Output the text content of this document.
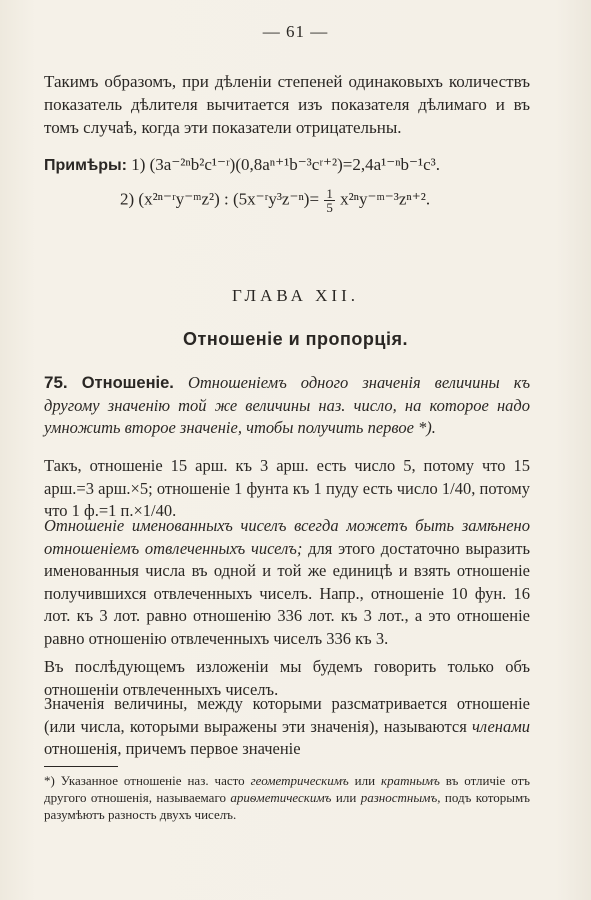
— 61 —
Такимъ образомъ, при дѣленіи степеней одинаковыхъ количествъ показатель дѣлителя вычитается изъ показателя дѣлимаго и въ томъ случаѣ, когда эти показатели отрицательны.
Примѣры: 1) (3a⁻²ⁿb²c¹⁻ʳ)(0,8aⁿ⁺¹b⁻³cʳ⁺²)=2,4a¹⁻ⁿb⁻¹c³.
2) (x²ⁿ⁻ʳy⁻ᵐz²) : (5x⁻ʳy³z⁻ⁿ)= $\frac{1}{5}$ x²ⁿy⁻ᵐ⁻³zⁿ⁺².
ГЛАВА XII.
Отношеніе и пропорція.
75. Отношеніе. Отношеніемъ одного значенія величины къ другому значенію той же величины наз. число, на которое надо умножить второе значеніе, чтобы получить первое *).
Такъ, отношеніе 15 арш. къ 3 арш. есть число 5, потому что 15 арш.=3 арш.×5; отношеніе 1 фунта къ 1 пуду есть число 1/40, потому что 1 ф.=1 п.×1/40.
Отношеніе именованныхъ чиселъ всегда можетъ быть замѣнено отношеніемъ отвлеченныхъ чиселъ; для этого достаточно выразить именованныя числа въ одной и той же единицѣ и взять отношеніе получившихся отвлеченныхъ чиселъ. Напр., отношеніе 10 фун. 16 лот. къ 3 лот. равно отношенію 336 лот. къ 3 лот., а это отношеніе равно отношенію отвлеченныхъ чиселъ 336 къ 3.
Въ послѣдующемъ изложеніи мы будемъ говорить только объ отношеніи отвлеченныхъ чиселъ.
Значенія величины, между которыми разсматривается отношеніе (или числа, которыми выражены эти значенія), называются членами отношенія, причемъ первое значеніе
*) Указанное отношеніе наз. часто геометрическимъ или кратнымъ въ отличіе отъ другого отношенія, называемаго ариѳметическимъ или разностнымъ, подъ которымъ разумѣютъ разность двухъ чиселъ.
